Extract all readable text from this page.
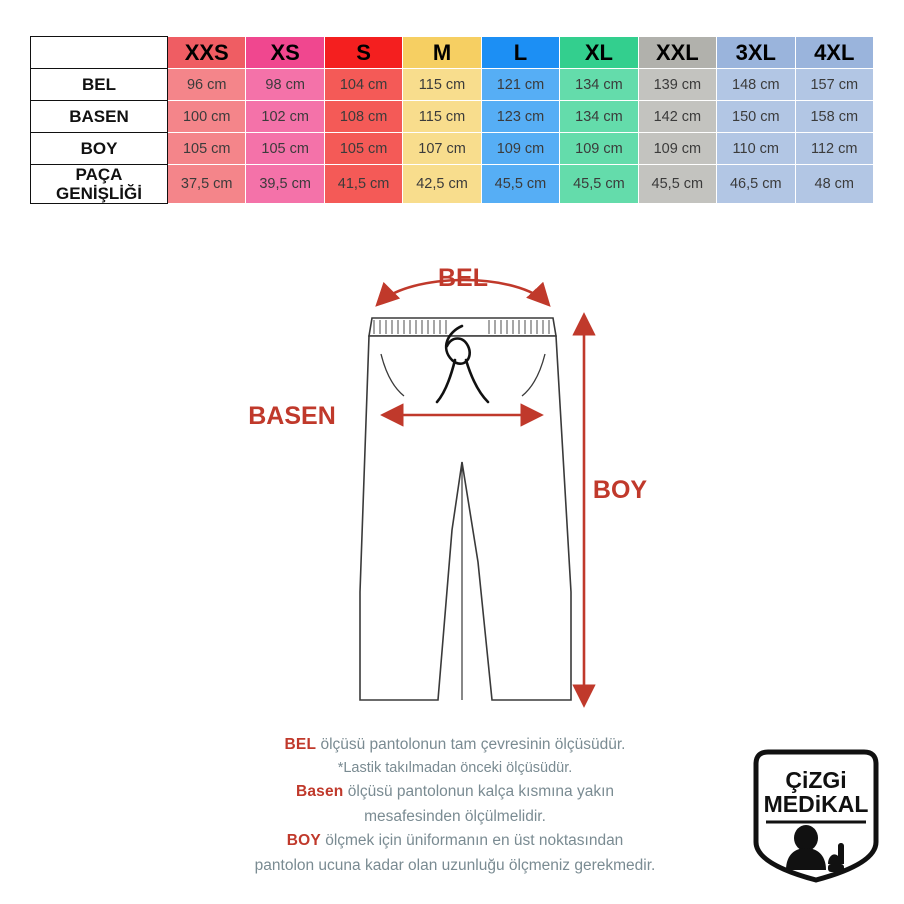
	XXS	XS	S	M	L	XL	XXL	3XL	4XL
BEL	96 cm	98 cm	104 cm	115 cm	121 cm	134 cm	139 cm	148 cm	157 cm
BASEN	100 cm	102 cm	108 cm	115 cm	123 cm	134 cm	142 cm	150 cm	158 cm
BOY	105 cm	105 cm	105 cm	107 cm	109 cm	109 cm	109 cm	110 cm	112 cm
PAÇA GENİŞLİĞİ	37,5 cm	39,5 cm	41,5 cm	42,5 cm	45,5 cm	45,5 cm	45,5 cm	46,5 cm	48 cm
BEL
BASEN
BOY
BEL ölçüsü pantolonun tam çevresinin ölçüsüdür.
*Lastik takılmadan önceki ölçüsüdür.
Basen ölçüsü pantolonun kalça kısmına yakın
mesafesinden ölçülmelidir.
BOY ölçmek için üniformanın en üst noktasından
pantolon ucuna kadar olan uzunluğu ölçmeniz gerekmedir.
ÇiZGi
MEDiKAL
